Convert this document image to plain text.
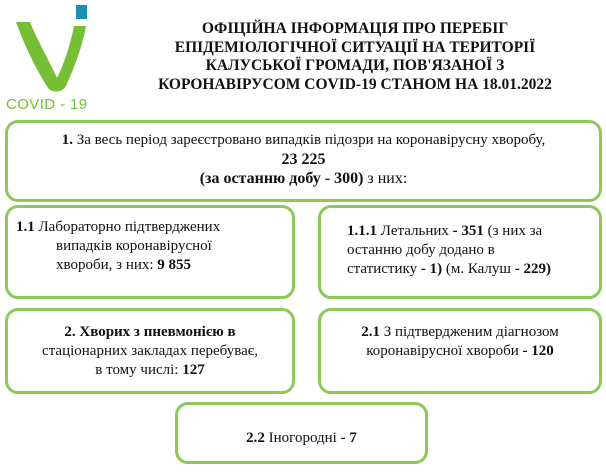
COVID - 19
ОФІЦІЙНА ІНФОРМАЦІЯ ПРО ПЕРЕБІГ
ЕПІДЕМІОЛОГІЧНОЇ СИТУАЦІЇ НА ТЕРИТОРІЇ
КАЛУСЬКОЇ ГРОМАДИ, ПОВ'ЯЗАНОЇ З
КОРОНАВІРУСОМ COVID-19 СТАНОМ НА 18.01.2022
1. За весь період зареєстровано випадків підозри на коронавірусну хворобу,
23 225
(за останню добу - 300) з них:
1.1 Лабораторно підтверджених
випадків коронавірусної
хвороби, з них: 9 855
1.1.1 Летальних - 351 (з них за
останню добу додано в
статистику - 1) (м. Калуш - 229)
2. Хворих з пневмонією в
стаціонарних закладах перебуває,
в тому числі: 127
2.1 З підтвердженим діагнозом
коронавірусної хвороби - 120
2.2 Іногородні - 7
